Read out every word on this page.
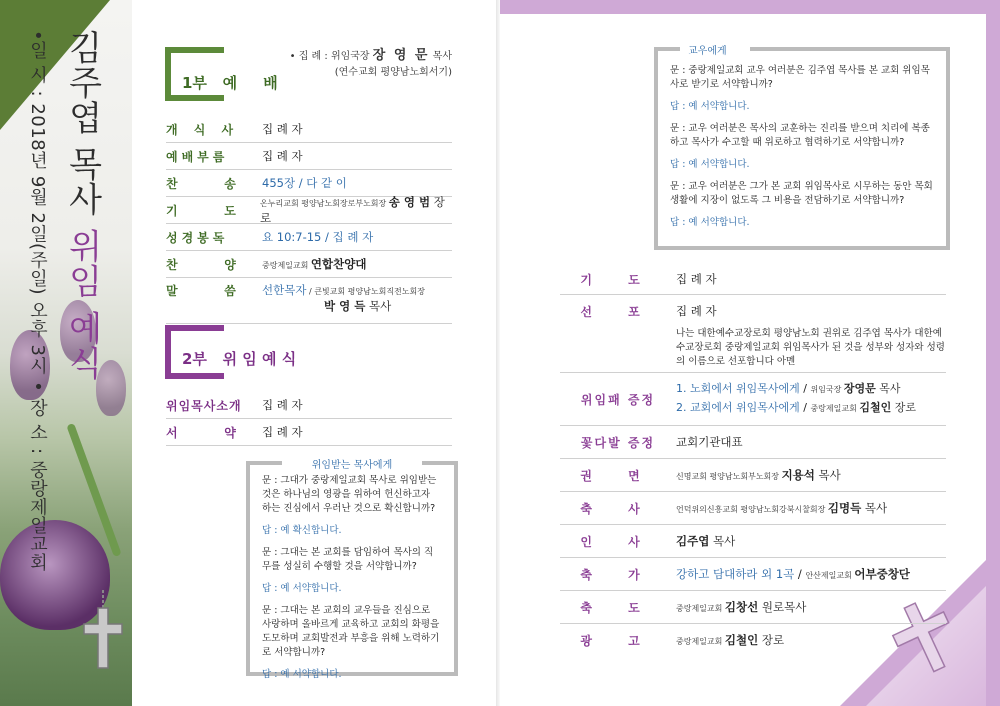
김주엽 목사 위임 예식
•일 시 : 2018년 9월 2일(주일) 오후 3시 • 장 소 : 중랑제일교회	1부   예     배
• 집 례 : 위임국장 장 영 문 목사
(연수교회 평양남노회서기)
개 식 사	집 례 자
예배부름	집 례 자
찬    송	455장 / 다 같 이
기    도	온누리교회 평양남노회장로부노회장 송 영 범 장로
성경봉독	요 10:7-15 / 집 례 자
찬    양	중랑제일교회 연합찬양대
말    씀	선한목자 / 큰빛교회 평양남노회직전노회장
박 영 득 목사
2부   위 임 예 식
위임목사소개	집 례 자
서    약	집 례 자
위임받는 목사에게
문 : 그대가 중랑제일교회 목사로 위임받는 것은 하나님의 영광을 위하여 헌신하고자 하는 진심에서 우러난 것으로 확신합니까?
답 : 예 확신합니다.
문 : 그대는 본 교회를 담임하여 목사의 직무를 성실히 수행할 것을 서약합니까?
답 : 예 서약합니다.
문 : 그대는 본 교회의 교우들을 진심으로 사랑하며 올바르게 교육하고 교회의 화평을 도모하며 교회발전과 부흥을 위해 노력하기로 서약합니까?
답 : 예 서약합니다.
교우에게
문 : 중랑제일교회 교우 여러분은 김주엽 목사를 본 교회 위임목사로 받기로 서약합니까?
답 : 예 서약합니다.
문 : 교우 여러분은 목사의 교훈하는 진리를 받으며 치리에 복종하고 목사가 수고할 때 위로하고 협력하기로 서약합니까?
답 : 예 서약합니다.
문 : 교우 여러분은 그가 본 교회 위임목사로 시무하는 동안 목회생활에 지장이 없도록 그 비용을 전담하기로 서약합니까?
답 : 예 서약합니다.
기 도	집 례 자
선 포	집 례 자
나는 대한예수교장로회 평양남노회 권위로 김주엽 목사가 대한예수교장로회 중랑제일교회 위임목사가 된 것을 성부와 성자와 성령의 이름으로 선포합니다 아멘
위임패 증정
1. 노회에서 위임목사에게 / 위임국장 장영문 목사
2. 교회에서 위임목사에게 / 중랑제일교회 김철인 장로
꽃다발 증정	교회기관대표
권 면	신명교회 평양남노회부노회장 지용석 목사
축 사	언덕위의신흥교회 평양남노회강북시찰회장 김명득 목사
인 사	김주엽 목사
축 가	강하고 담대하라 외 1곡 / 안산제일교회 어부중창단
축 도	중랑제일교회 김창선 원로목사
광 고	중랑제일교회 김철인 장로
